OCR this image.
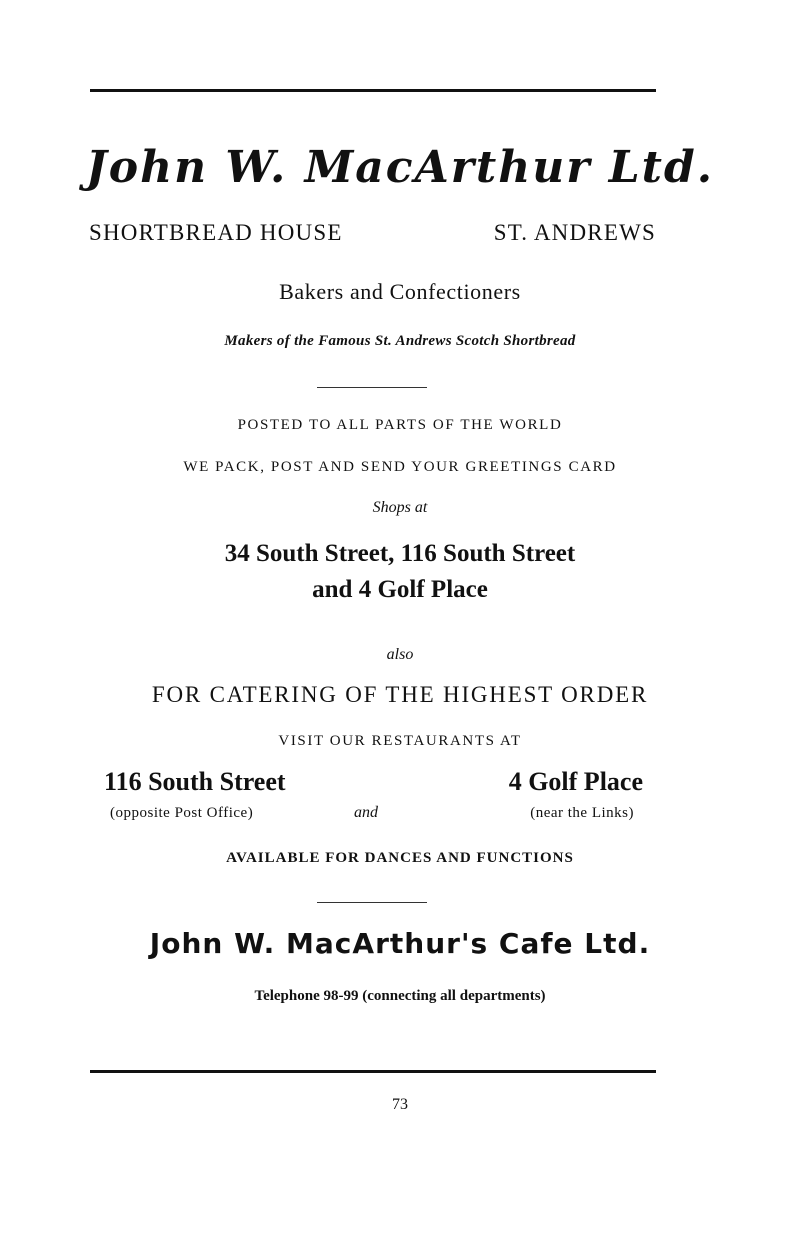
John W. MacArthur Ltd.
SHORTBREAD HOUSE	ST. ANDREWS
Bakers and Confectioners
Makers of the Famous St. Andrews Scotch Shortbread
POSTED TO ALL PARTS OF THE WORLD
WE PACK, POST AND SEND YOUR GREETINGS CARD
Shops at
34 South Street, 116 South Street
and 4 Golf Place
also
FOR CATERING OF THE HIGHEST ORDER
VISIT OUR RESTAURANTS AT
116 South Street	4 Golf Place
(opposite Post Office)	and	(near the Links)
AVAILABLE FOR DANCES AND FUNCTIONS
John W. MacArthur's Cafe Ltd.
Telephone 98-99 (connecting all departments)
73
